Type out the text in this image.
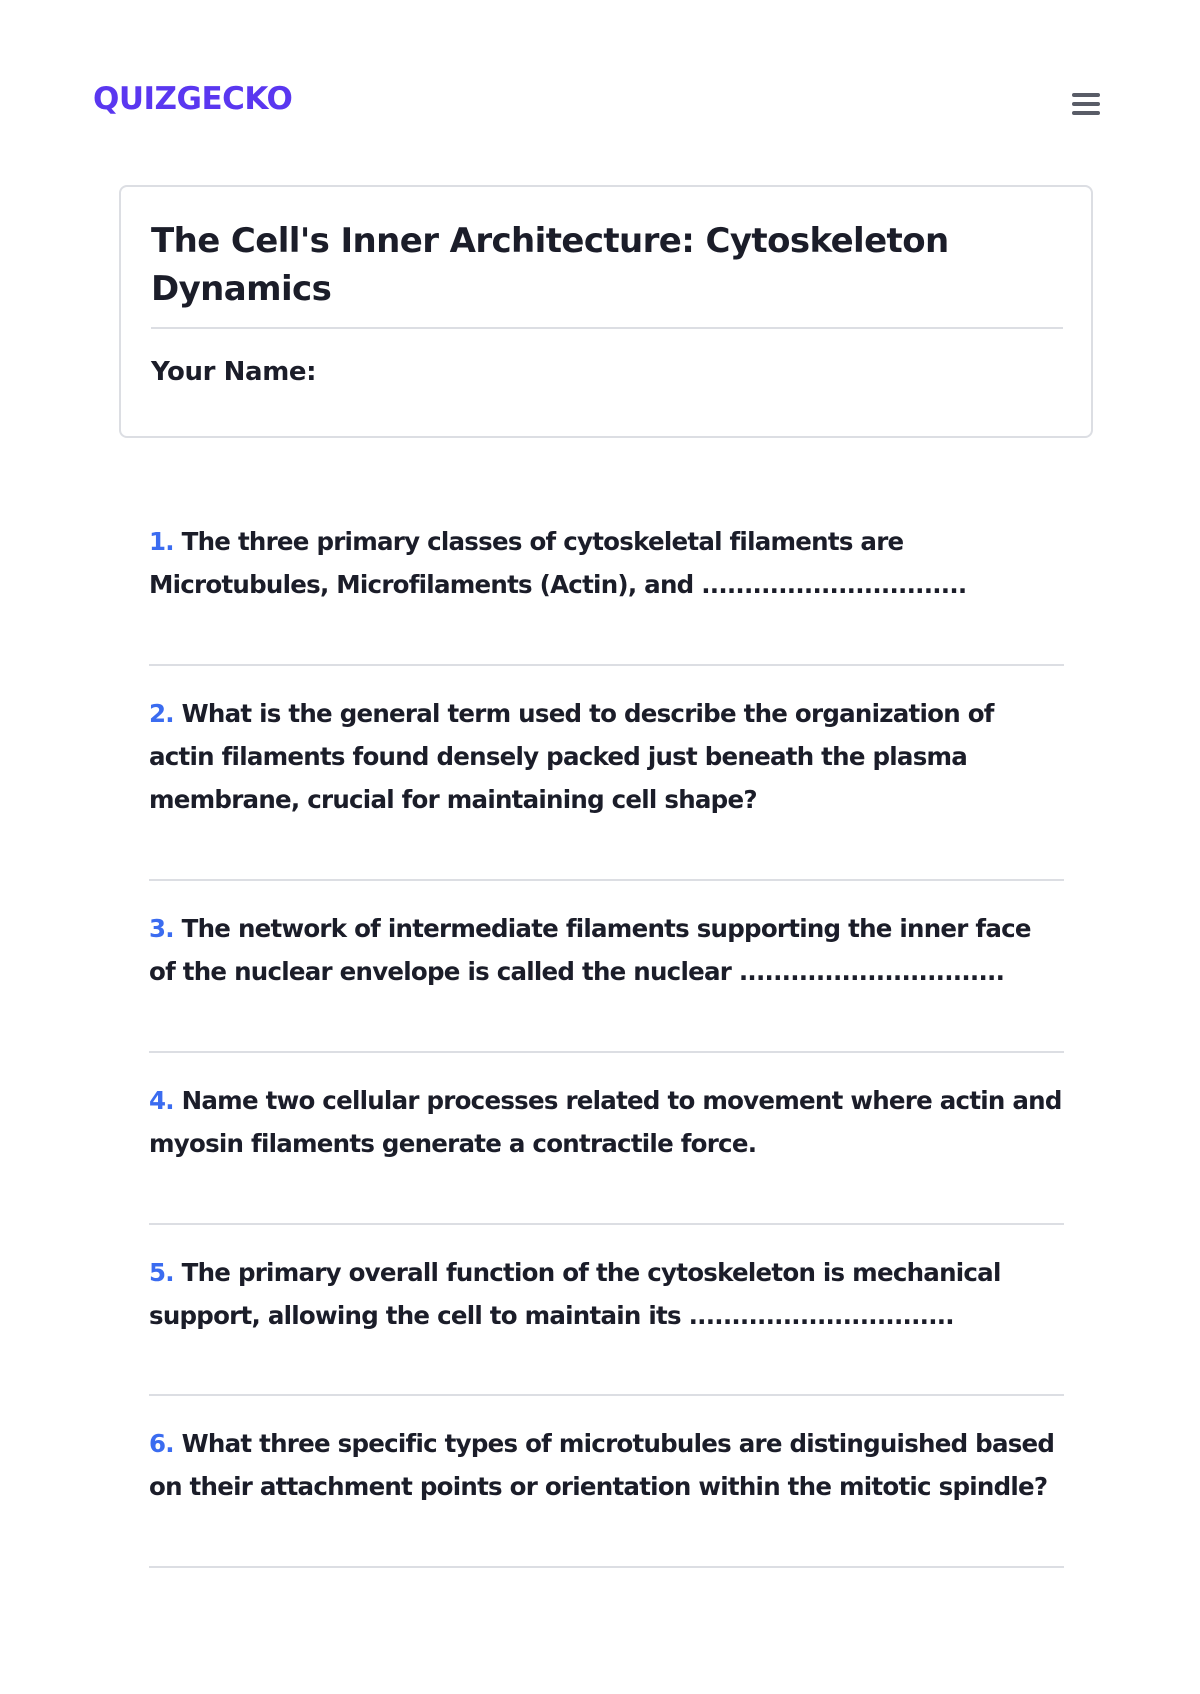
QUIZGECKO
The Cell's Inner Architecture: Cytoskeleton Dynamics
Your Name:

1. The three primary classes of cytoskeletal filaments are Microtubules, Microfilaments (Actin), and ...............................

2. What is the general term used to describe the organization of actin filaments found densely packed just beneath the plasma membrane, crucial for maintaining cell shape?

3. The network of intermediate filaments supporting the inner face of the nuclear envelope is called the nuclear ...............................

4. Name two cellular processes related to movement where actin and myosin filaments generate a contractile force.

5. The primary overall function of the cytoskeleton is mechanical support, allowing the cell to maintain its ...............................

6. What three specific types of microtubules are distinguished based on their attachment points or orientation within the mitotic spindle?
